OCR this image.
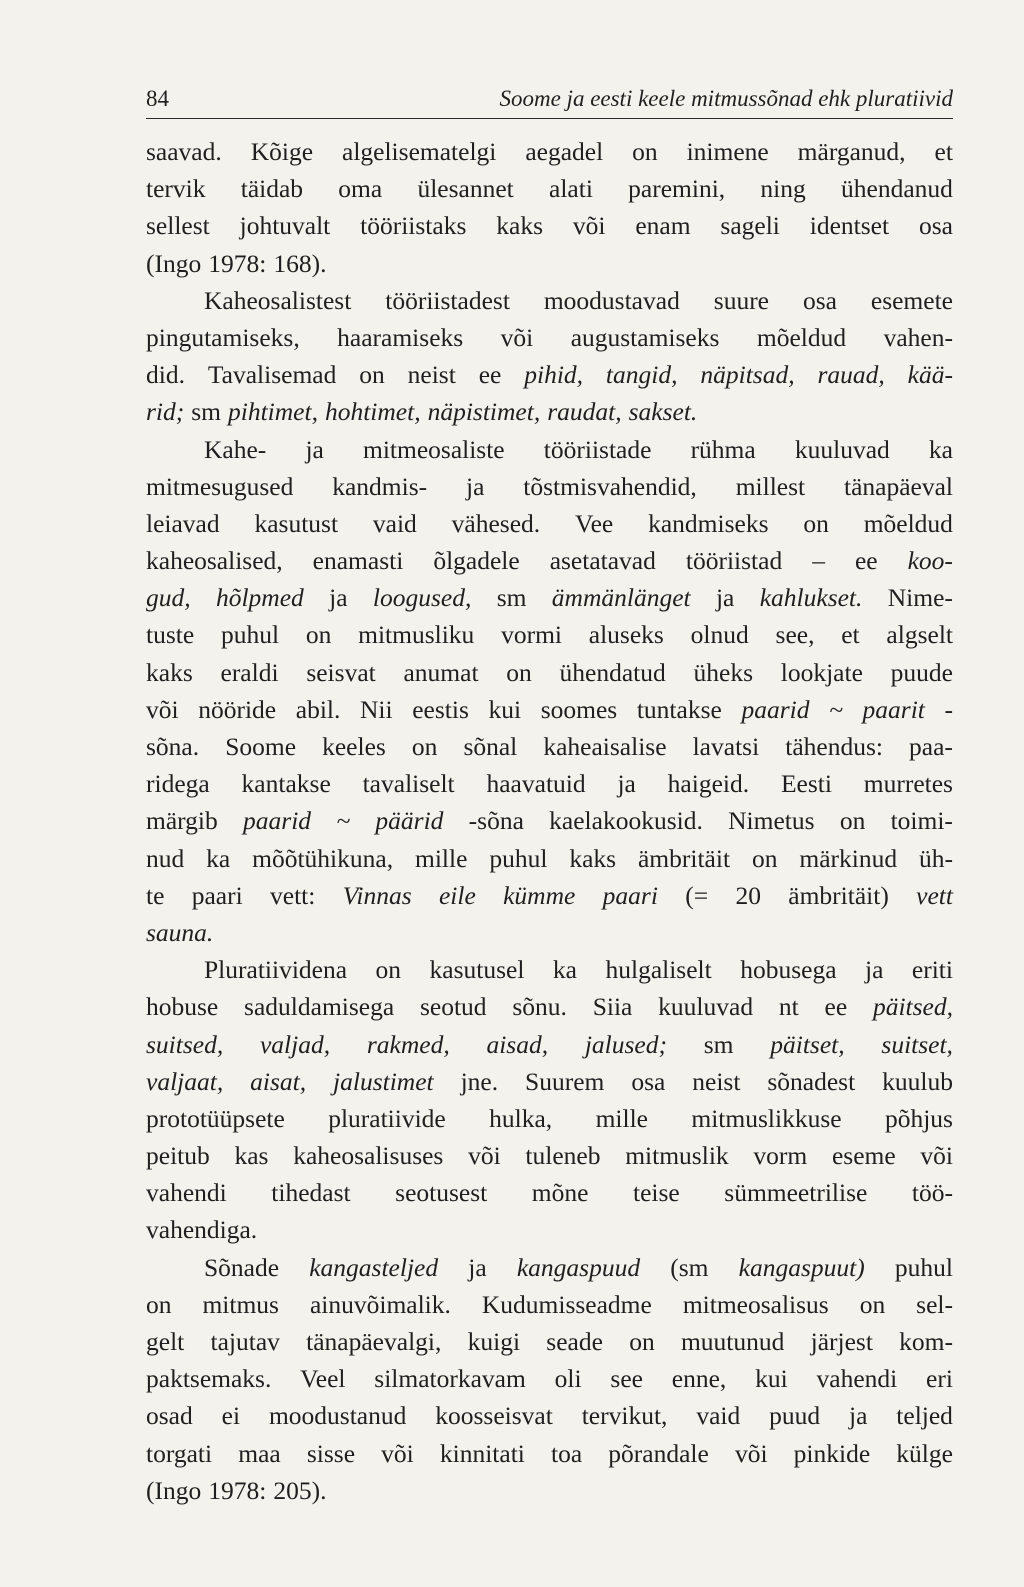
84	Soome ja eesti keele mitmussõnad ehk pluratiivid
saavad. Kõige algelisematelgi aegadel on inimene märganud, et
tervik täidab oma ülesannet alati paremini, ning ühendanud
sellest johtuvalt tööriistaks kaks või enam sageli identset osa
(Ingo 1978: 168).
Kaheosalistest tööriistadest moodustavad suure osa esemete
pingutamiseks, haaramiseks või augustamiseks mõeldud vahen-
did. Tavalisemad on neist ee pihid, tangid, näpitsad, rauad, kää-
rid; sm pihtimet, hohtimet, näpistimet, raudat, sakset.
Kahe- ja mitmeosaliste tööriistade rühma kuuluvad ka
mitmesugused kandmis- ja tõstmisvahendid, millest tänapäeval
leiavad kasutust vaid vähesed. Vee kandmiseks on mõeldud
kaheosalised, enamasti õlgadele asetatavad tööriistad – ee koo-
gud, hõlpmed ja loogused, sm ämmänlänget ja kahlukset. Nime-
tuste puhul on mitmusliku vormi aluseks olnud see, et algselt
kaks eraldi seisvat anumat on ühendatud üheks lookjate puude
või nööride abil. Nii eestis kui soomes tuntakse paarid ~ paarit -
sõna. Soome keeles on sõnal kaheaisalise lavatsi tähendus: paa-
ridega kantakse tavaliselt haavatuid ja haigeid. Eesti murretes
märgib paarid ~ päärid -sõna kaelakookusid. Nimetus on toimi-
nud ka mõõtühikuna, mille puhul kaks ämbritäit on märkinud üh-
te paari vett: Vinnas eile kümme paari (= 20 ämbritäit) vett
sauna.
Pluratiividena on kasutusel ka hulgaliselt hobusega ja eriti
hobuse saduldamisega seotud sõnu. Siia kuuluvad nt ee päitsed,
suitsed, valjad, rakmed, aisad, jalused; sm päitset, suitset,
valjaat, aisat, jalustimet jne. Suurem osa neist sõnadest kuulub
prototüüpsete pluratiivide hulka, mille mitmuslikkuse põhjus
peitub kas kaheosalisuses või tuleneb mitmuslik vorm eseme või
vahendi tihedast seotusest mõne teise sümmeetrilise töö-
vahendiga.
Sõnade kangasteljed ja kangaspuud (sm kangaspuut) puhul
on mitmus ainuvõimalik. Kudumisseadme mitmeosalisus on sel-
gelt tajutav tänapäevalgi, kuigi seade on muutunud järjest kom-
paktsemaks. Veel silmatorkavam oli see enne, kui vahendi eri
osad ei moodustanud koosseisvat tervikut, vaid puud ja teljed
torgati maa sisse või kinnitati toa põrandale või pinkide külge
(Ingo 1978: 205).
